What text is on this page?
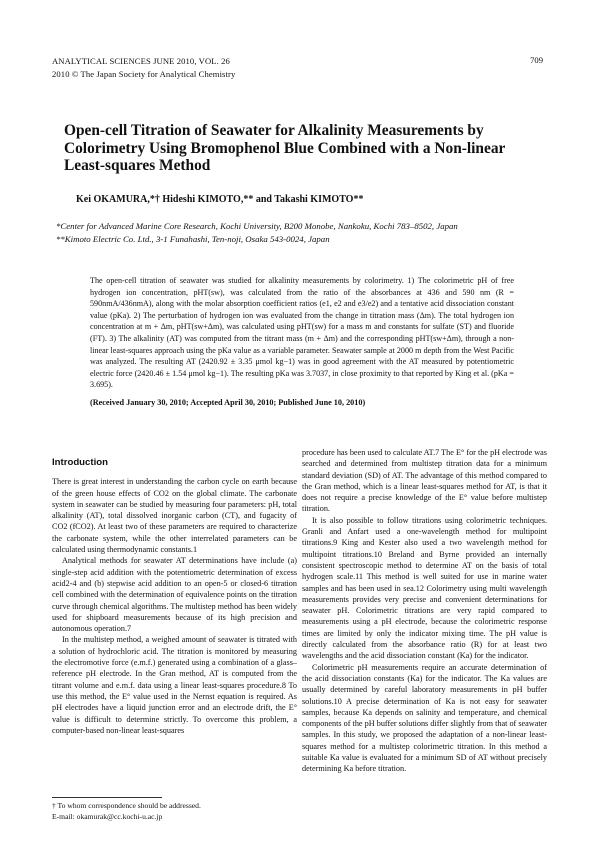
ANALYTICAL SCIENCES JUNE 2010, VOL. 26
2010 © The Japan Society for Analytical Chemistry
709
Open-cell Titration of Seawater for Alkalinity Measurements by Colorimetry Using Bromophenol Blue Combined with a Non-linear Least-squares Method
Kei OKAMURA,*† Hideshi KIMOTO,** and Takashi KIMOTO**
*Center for Advanced Marine Core Research, Kochi University, B200 Monobe, Nankoku, Kochi 783–8502, Japan
**Kimoto Electric Co. Ltd., 3-1 Funahashi, Ten-noji, Osaka 543-0024, Japan
The open-cell titration of seawater was studied for alkalinity measurements by colorimetry. 1) The colorimetric pH of free hydrogen ion concentration, pHT(sw), was calculated from the ratio of the absorbances at 436 and 590 nm (R = 590nmA/436nmA), along with the molar absorption coefficient ratios (e1, e2 and e3/e2) and a tentative acid dissociation constant value (pKa). 2) The perturbation of hydrogen ion was evaluated from the change in titration mass (Δm). The total hydrogen ion concentration at m + Δm, pHT(sw+Δm), was calculated using pHT(sw) for a mass m and constants for sulfate (ST) and fluoride (FT). 3) The alkalinity (AT) was computed from the titrant mass (m + Δm) and the corresponding pHT(sw+Δm), through a non-linear least-squares approach using the pKa value as a variable parameter. Seawater sample at 2000 m depth from the West Pacific was analyzed. The resulting AT (2420.92 ± 3.35 μmol kg−1) was in good agreement with the AT measured by potentiometric electric force (2420.46 ± 1.54 μmol kg−1). The resulting pKa was 3.7037, in close proximity to that reported by King et al. (pKa = 3.695).
(Received January 30, 2010; Accepted April 30, 2010; Published June 10, 2010)
Introduction

There is great interest in understanding the carbon cycle on earth because of the green house effects of CO2 on the global climate. The carbonate system in seawater can be studied by measuring four parameters: pH, total alkalinity (AT), total dissolved inorganic carbon (CT), and fugacity of CO2 (fCO2). At least two of these parameters are required to characterize the carbonate system, while the other interrelated parameters can be calculated using thermodynamic constants.1

Analytical methods for seawater AT determinations have include (a) single-step acid addition with the potentiometric determination of excess acid2-4 and (b) stepwise acid addition to an open-5 or closed-6 titration cell combined with the determination of equivalence points on the titration curve through chemical algorithms. The multistep method has been widely used for shipboard measurements because of its high precision and autonomous operation.7

In the multistep method, a weighed amount of seawater is titrated with a solution of hydrochloric acid. The titration is monitored by measuring the electromotive force (e.m.f.) generated using a combination of a glass–reference pH electrode. In the Gran method, AT is computed from the titrant volume and e.m.f. data using a linear least-squares procedure.8 To use this method, the E° value used in the Nernst equation is required. As pH electrodes have a liquid junction error and an electrode drift, the E° value is difficult to determine strictly. To overcome this problem, a computer-based non-linear least-squares

procedure has been used to calculate AT.7 The E° for the pH electrode was searched and determined from multistep titration data for a minimum standard deviation (SD) of AT. The advantage of this method compared to the Gran method, which is a linear least-squares method for AT, is that it does not require a precise knowledge of the E° value before multistep titration.

It is also possible to follow titrations using colorimetric techniques. Granli and Anfart used a one-wavelength method for multipoint titrations.9 King and Kester also used a two wavelength method for multipoint titrations.10 Breland and Byrne provided an internally consistent spectroscopic method to determine AT on the basis of total hydrogen scale.11 This method is well suited for use in marine water samples and has been used in sea.12 Colorimetry using multi wavelength measurements provides very precise and convenient determinations for seawater pH. Colorimetric titrations are very rapid compared to measurements using a pH electrode, because the colorimetric response times are limited by only the indicator mixing time. The pH value is directly calculated from the absorbance ratio (R) for at least two wavelengths and the acid dissociation constant (Ka) for the indicator.

Colorimetric pH measurements require an accurate determination of the acid dissociation constants (Ka) for the indicator. The Ka values are usually determined by careful laboratory measurements in pH buffer solutions.10 A precise determination of Ka is not easy for seawater samples, because Ka depends on salinity and temperature, and chemical components of the pH buffer solutions differ slightly from that of seawater samples. In this study, we proposed the adaptation of a non-linear least-squares method for a multistep colorimetric titration. In this method a suitable Ka value is evaluated for a minimum SD of AT without precisely determining Ka before titration.

† To whom correspondence should be addressed.
E-mail: okamurak@cc.kochi-u.ac.jp
